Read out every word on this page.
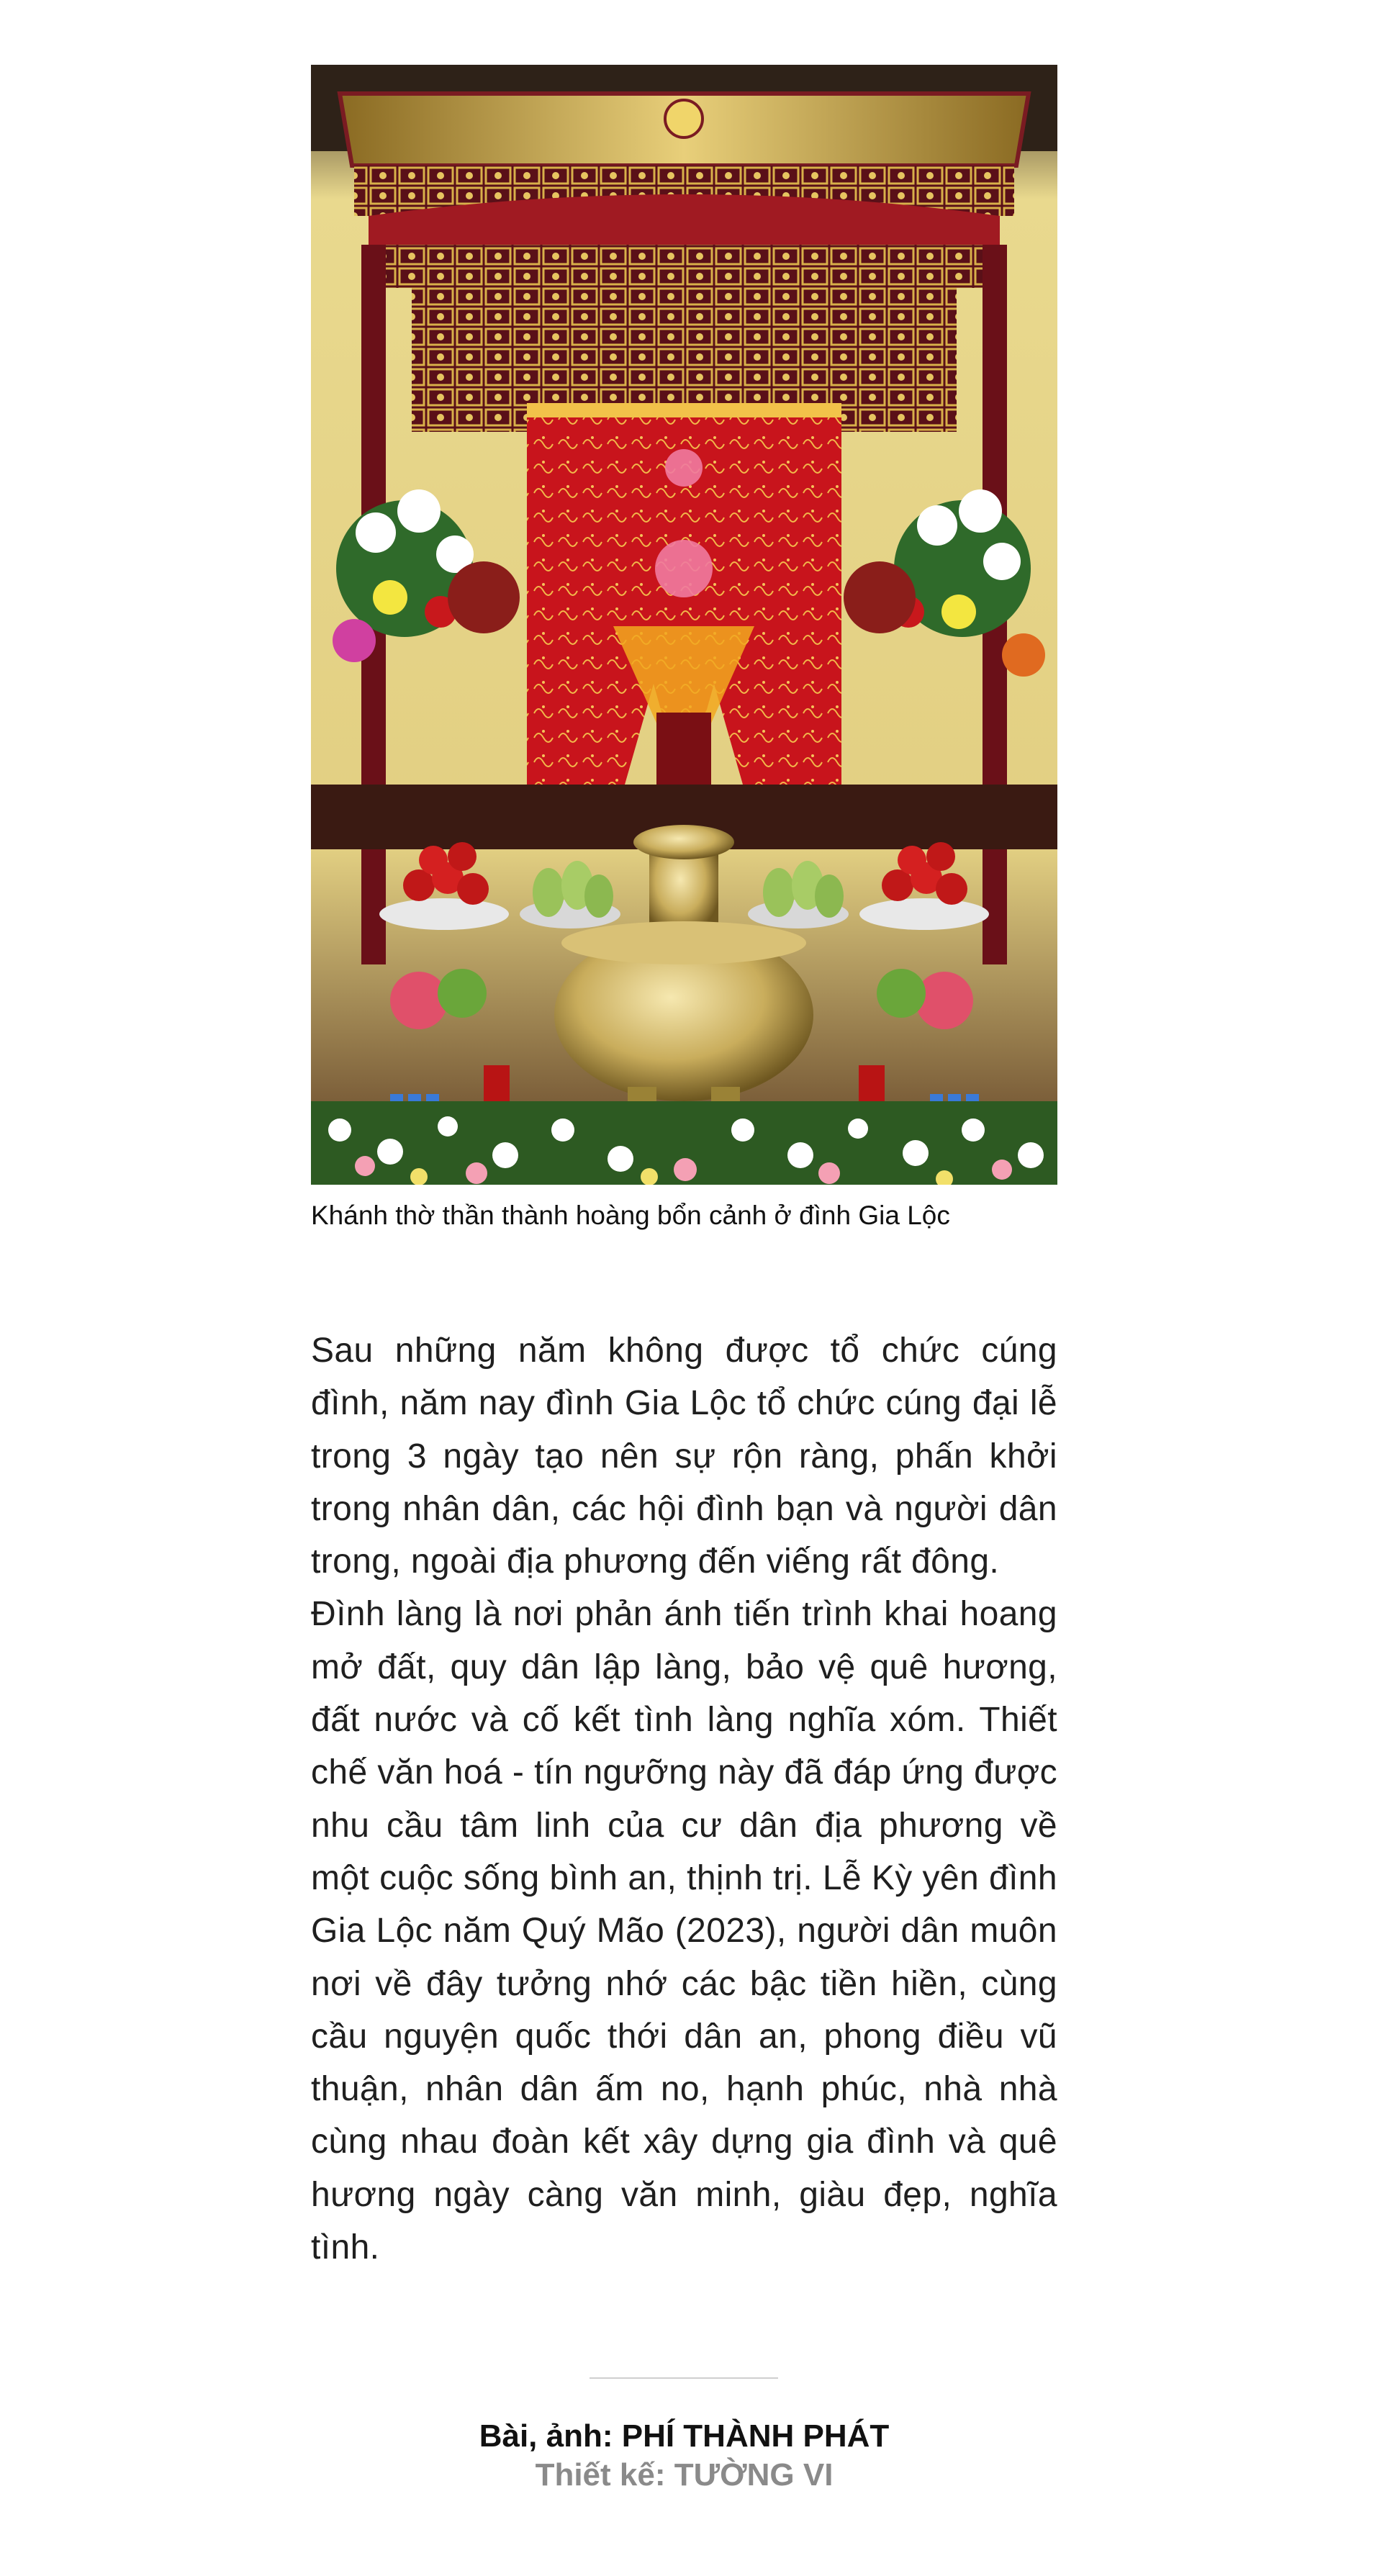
Khánh thờ thần thành hoàng bổn cảnh ở đình Gia Lộc

Sau những năm không được tổ chức cúng đình, năm nay đình Gia Lộc tổ chức cúng đại lễ trong 3 ngày tạo nên sự rộn ràng, phấn khởi trong nhân dân, các hội đình bạn và người dân trong, ngoài địa phương đến viếng rất đông.

Đình làng là nơi phản ánh tiến trình khai hoang mở đất, quy dân lập làng, bảo vệ quê hương, đất nước và cố kết tình làng nghĩa xóm. Thiết chế văn hoá - tín ngưỡng này đã đáp ứng được nhu cầu tâm linh của cư dân địa phương về một cuộc sống bình an, thịnh trị. Lễ Kỳ yên đình Gia Lộc năm Quý Mão (2023), người dân muôn nơi về đây tưởng nhớ các bậc tiền hiền, cùng cầu nguyện quốc thới dân an, phong điều vũ thuận, nhân dân ấm no, hạnh phúc, nhà nhà cùng nhau đoàn kết xây dựng gia đình và quê hương ngày càng văn minh, giàu đẹp, nghĩa tình.

Bài, ảnh: PHÍ THÀNH PHÁT
Thiết kế: TƯỜNG VI
